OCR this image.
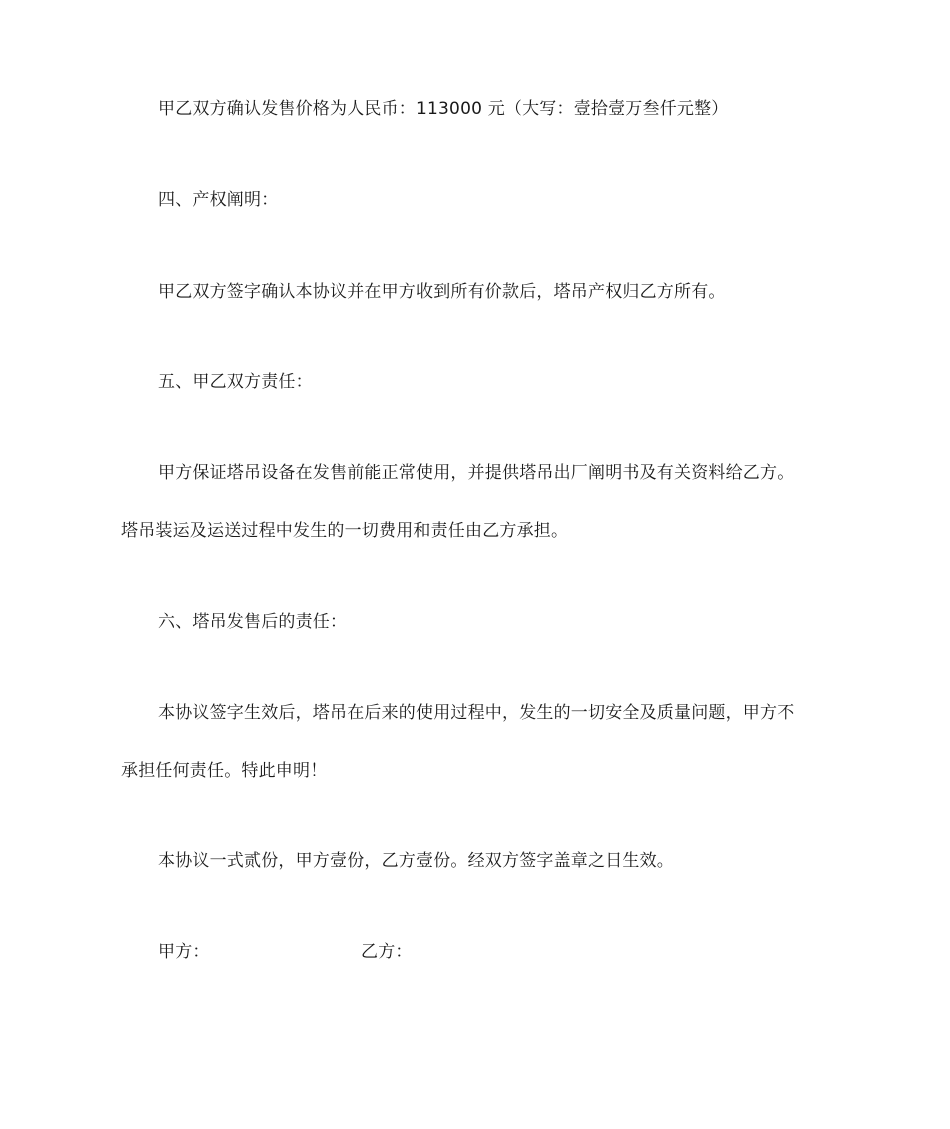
甲乙双方确认发售价格为人民币：113000 元（大写：壹拾壹万叁仟元整）
四、产权阐明：
甲乙双方签字确认本协议并在甲方收到所有价款后，塔吊产权归乙方所有。
五、甲乙双方责任：
甲方保证塔吊设备在发售前能正常使用，并提供塔吊出厂阐明书及有关资料给乙方。
塔吊装运及运送过程中发生的一切费用和责任由乙方承担。
六、塔吊发售后的责任：
本协议签字生效后，塔吊在后来的使用过程中，发生的一切安全及质量问题，甲方不
承担任何责任。特此申明！
本协议一式贰份，甲方壹份，乙方壹份。经双方签字盖章之日生效。
甲方：	乙方：
